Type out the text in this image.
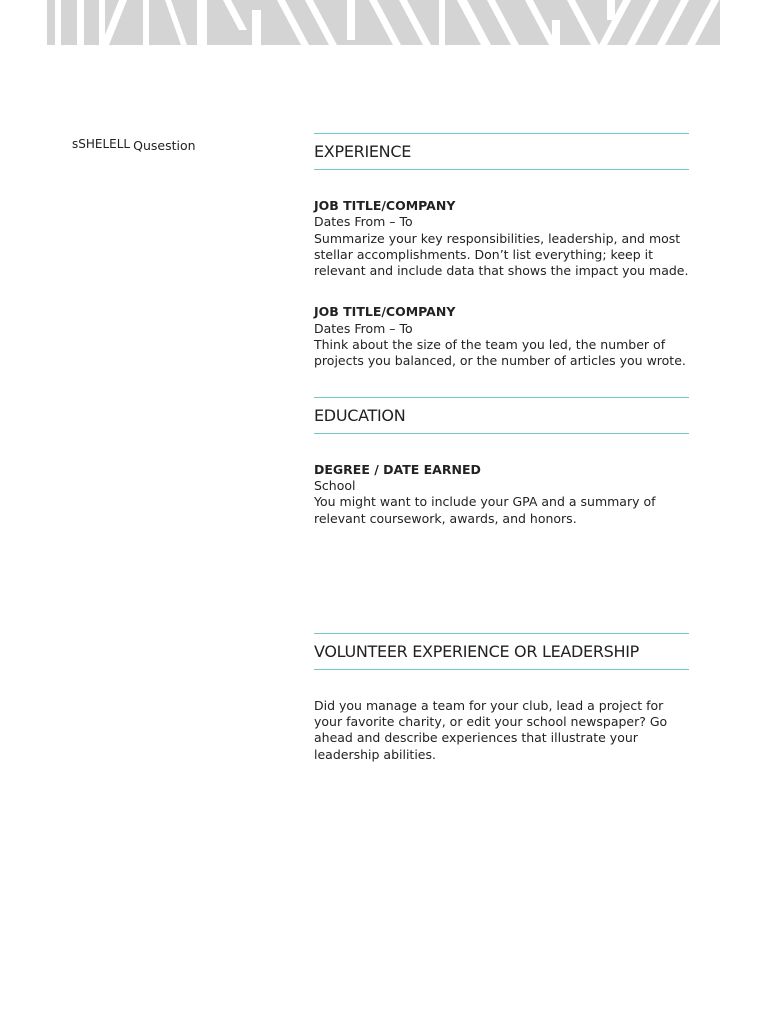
sSHELELL Qusestion	EXPERIENCE
JOB TITLE/COMPANY
Dates From – To

Summarize your key responsibilities, leadership, and most stellar accomplishments. Don’t list everything; keep it relevant and include data that shows the impact you made.

JOB TITLE/COMPANY
Dates From – To

Think about the size of the team you led, the number of projects you balanced, or the number of articles you wrote.

EDUCATION
DEGREE / DATE EARNED
School

You might want to include your GPA and a summary of relevant coursework, awards, and honors.

VOLUNTEER EXPERIENCE OR LEADERSHIP

Did you manage a team for your club, lead a project for your favorite charity, or edit your school newspaper? Go ahead and describe experiences that illustrate your leadership abilities.
